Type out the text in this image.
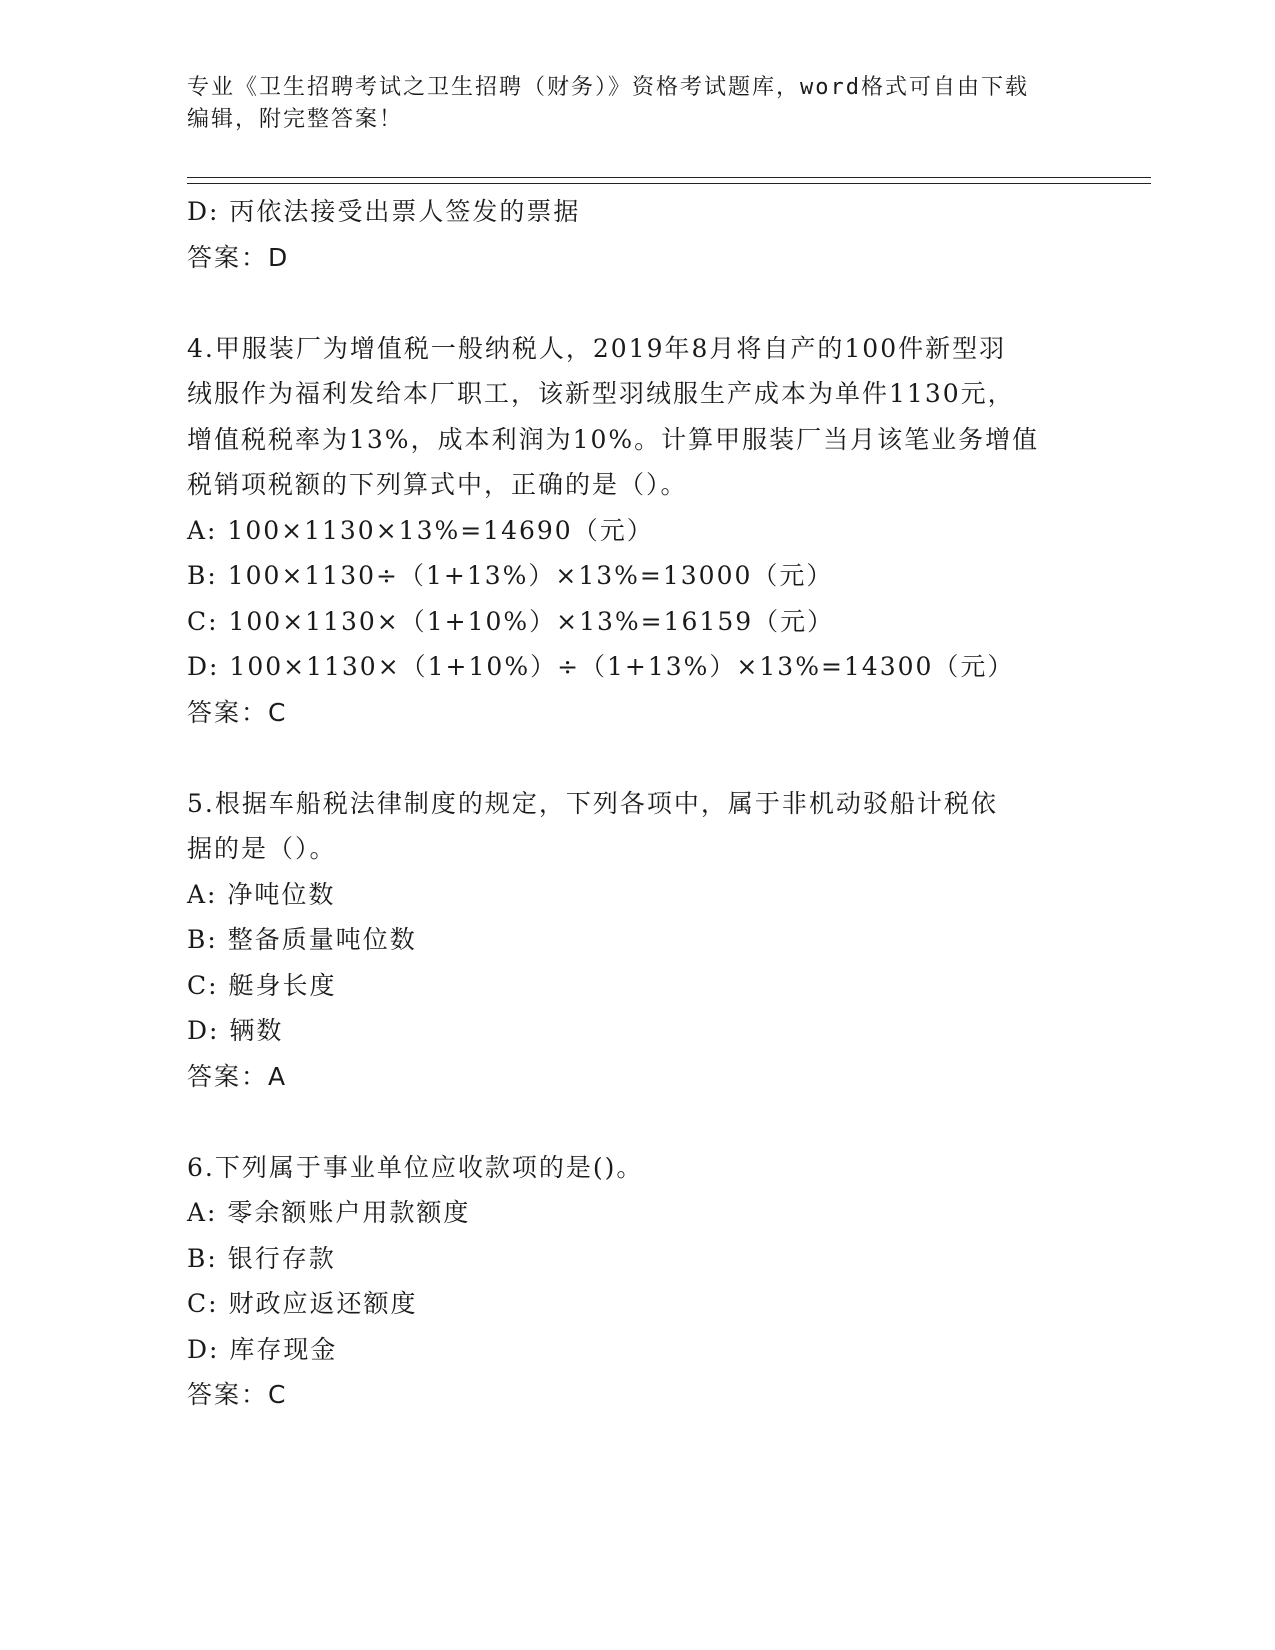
专业《卫生招聘考试之卫生招聘（财务）》资格考试题库，word格式可自由下载
编辑，附完整答案！
D: 丙依法接受出票人签发的票据
答案：D
4.甲服装厂为增值税一般纳税人，2019年8月将自产的100件新型羽
绒服作为福利发给本厂职工，该新型羽绒服生产成本为单件1130元，
增值税税率为13%，成本利润为10%。计算甲服装厂当月该笔业务增值
税销项税额的下列算式中，正确的是（）。
A: 100×1130×13%=14690（元）
B: 100×1130÷（1+13%）×13%=13000（元）
C: 100×1130×（1+10%）×13%=16159（元）
D: 100×1130×（1+10%）÷（1+13%）×13%=14300（元）
答案：C
5.根据车船税法律制度的规定，下列各项中，属于非机动驳船计税依
据的是（）。
A: 净吨位数
B: 整备质量吨位数
C: 艇身长度
D: 辆数
答案：A
6.下列属于事业单位应收款项的是()。
A: 零余额账户用款额度
B: 银行存款
C: 财政应返还额度
D: 库存现金
答案：C
